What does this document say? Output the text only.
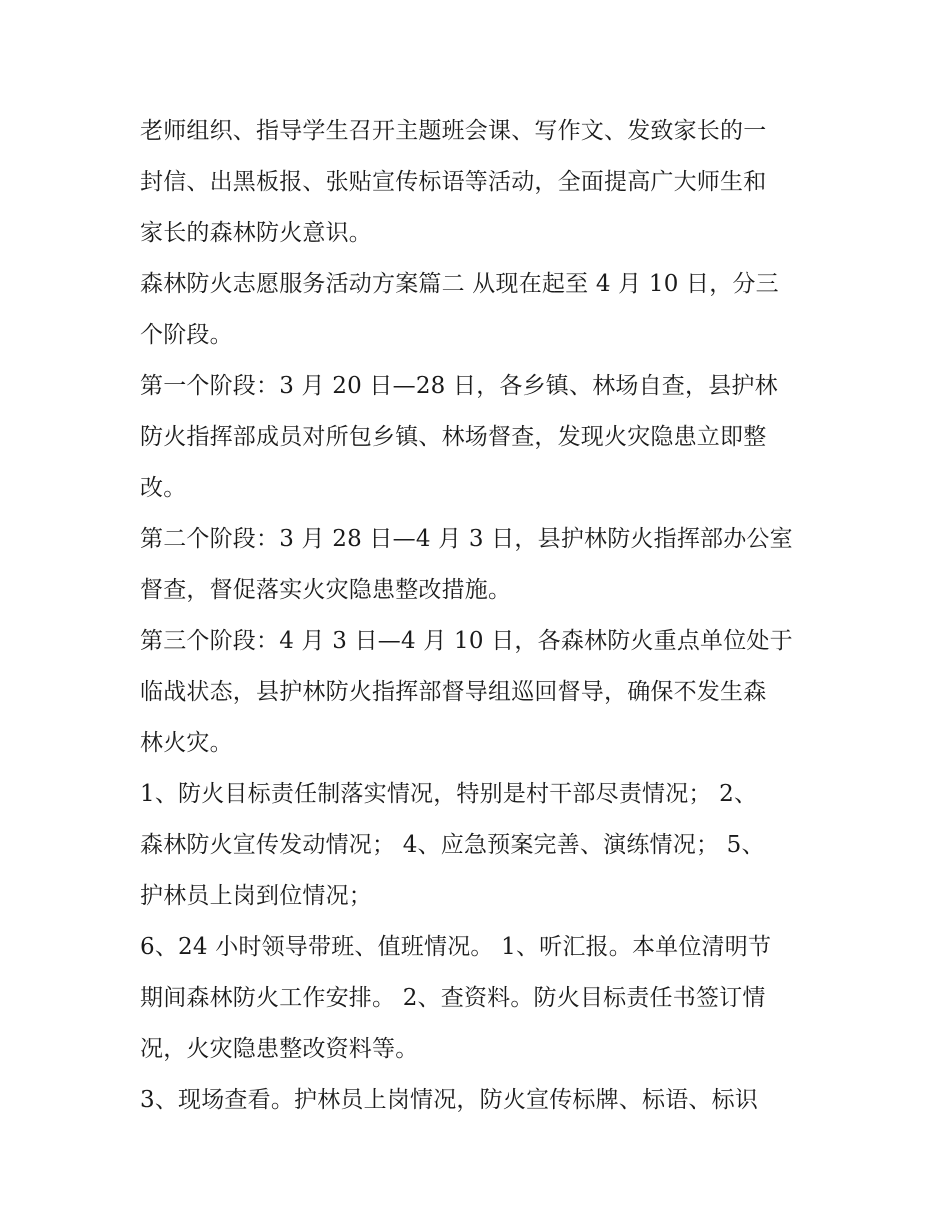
老师组织、指导学生召开主题班会课、写作文、发致家长的一
封信、出黑板报、张贴宣传标语等活动，全面提高广大师生和
家长的森林防火意识。
森林防火志愿服务活动方案篇二 从现在起至 4 月 10 日，分三
个阶段。
第一个阶段：3 月 20 日—28 日，各乡镇、林场自查，县护林
防火指挥部成员对所包乡镇、林场督查，发现火灾隐患立即整
改。
第二个阶段：3 月 28 日—4 月 3 日，县护林防火指挥部办公室
督查，督促落实火灾隐患整改措施。
第三个阶段：4 月 3 日—4 月 10 日，各森林防火重点单位处于
临战状态，县护林防火指挥部督导组巡回督导，确保不发生森
林火灾。
1、防火目标责任制落实情况，特别是村干部尽责情况； 2、
森林防火宣传发动情况； 4、应急预案完善、演练情况； 5、
护林员上岗到位情况；
6、24 小时领导带班、值班情况。 1、听汇报。本单位清明节
期间森林防火工作安排。 2、查资料。防火目标责任书签订情
况，火灾隐患整改资料等。
3、现场查看。护林员上岗情况，防火宣传标牌、标语、标识
